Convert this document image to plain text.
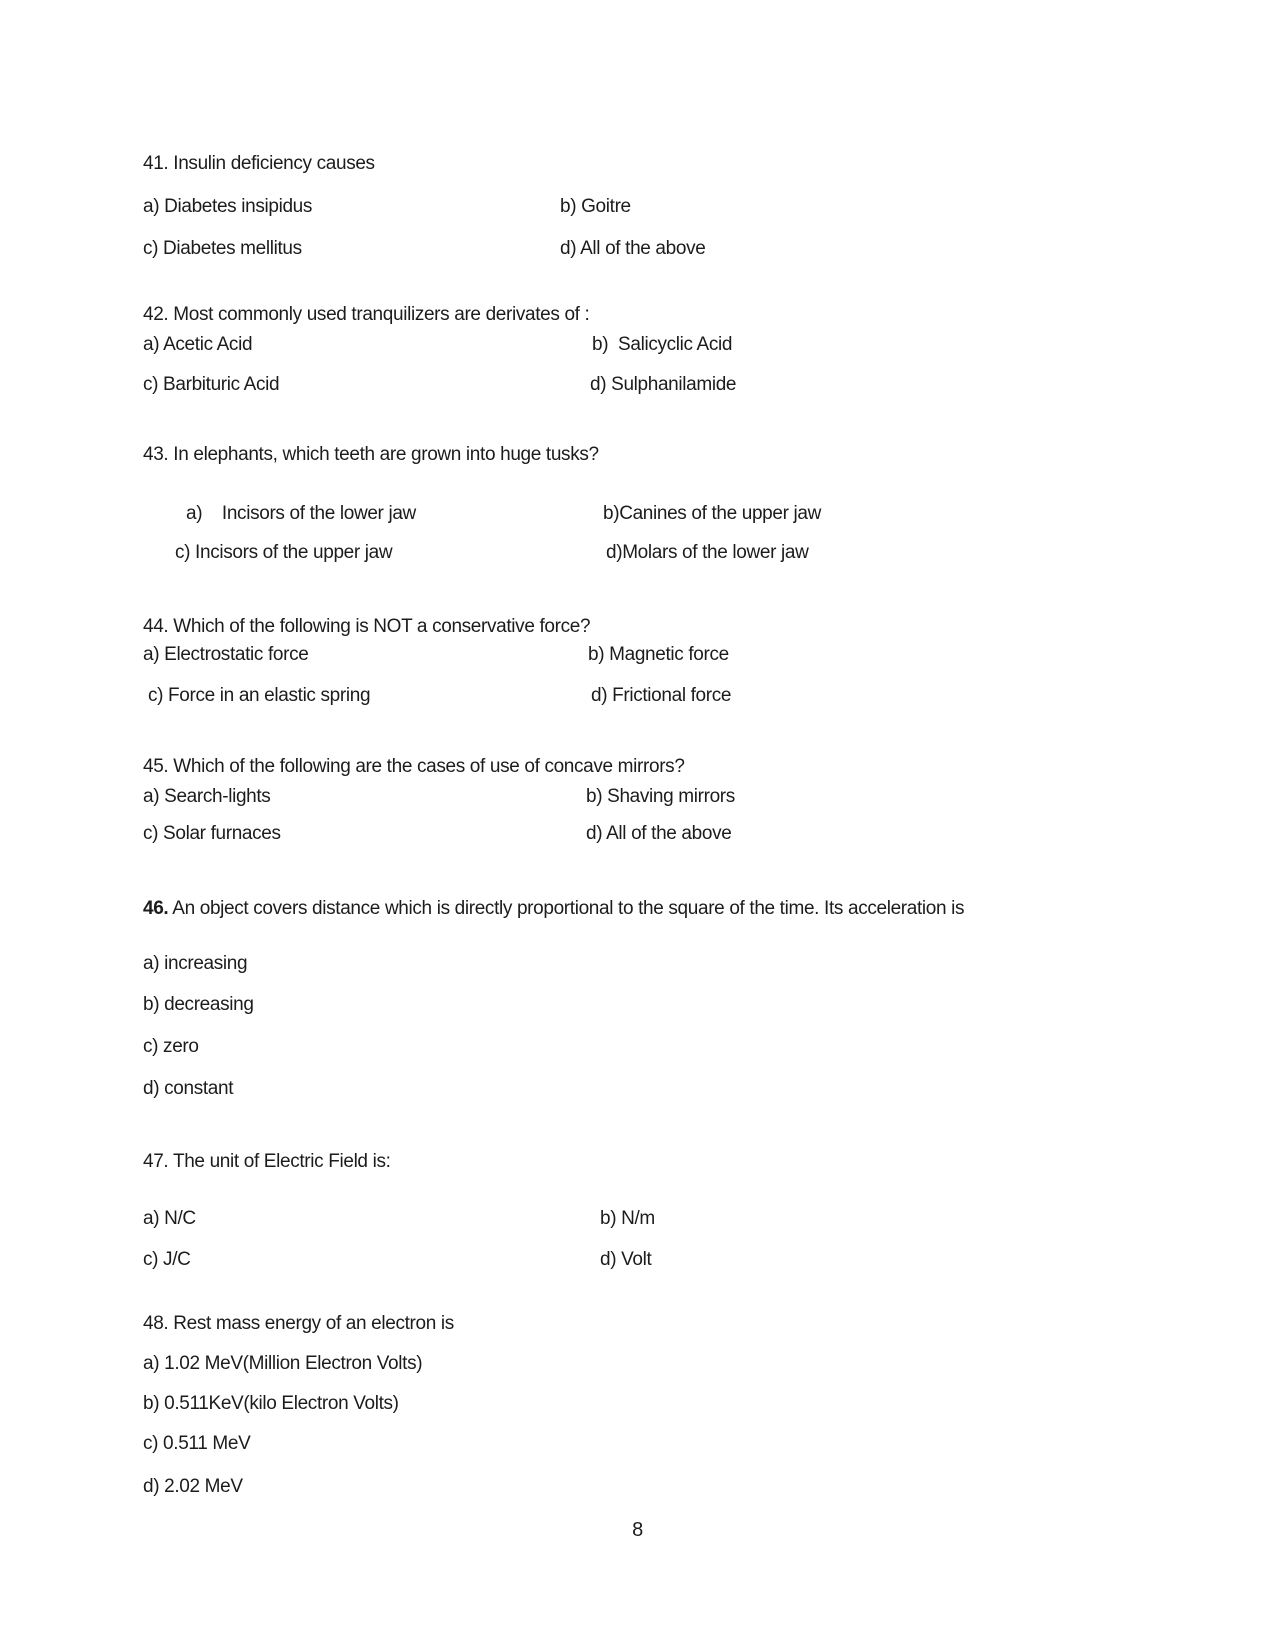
41. Insulin deficiency causes
a) Diabetes insipidus	b) Goitre
c) Diabetes mellitus	d) All of the above
42. Most commonly used tranquilizers are derivates of :
a) Acetic Acid	b)  Salicyclic Acid
c) Barbituric Acid	d) Sulphanilamide
43. In elephants, which teeth are grown into huge tusks?
a)    Incisors of the lower jaw	b)Canines of the upper jaw
c) Incisors of the upper jaw	d)Molars of the lower jaw
44. Which of the following is NOT a conservative force?
a) Electrostatic force	b) Magnetic force
c) Force in an elastic spring	d) Frictional force
45. Which of the following are the cases of use of concave mirrors?
a) Search-lights	b) Shaving mirrors
c) Solar furnaces	d) All of the above
46. An object covers distance which is directly proportional to the square of the time. Its acceleration is
a) increasing
b) decreasing
c) zero
d) constant
47. The unit of Electric Field is:
a) N/C	b) N/m
c) J/C	d) Volt
48. Rest mass energy of an electron is
a) 1.02 MeV(Million Electron Volts)
b) 0.511KeV(kilo Electron Volts)
c) 0.511 MeV
d) 2.02 MeV
8
